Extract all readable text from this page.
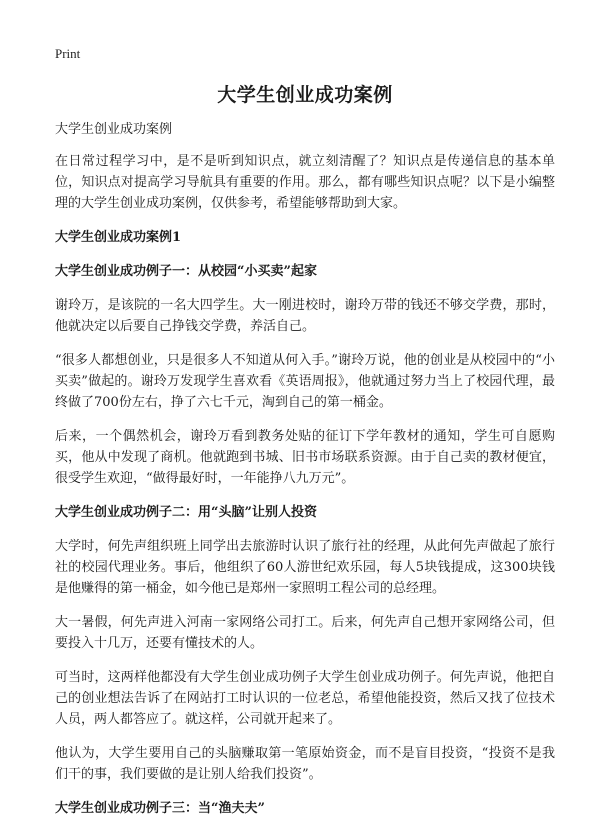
Print
大学生创业成功案例
大学生创业成功案例
在日常过程学习中，是不是听到知识点，就立刻清醒了？知识点是传递信息的基本单位，知识点对提高学习导航具有重要的作用。那么，都有哪些知识点呢？以下是小编整理的大学生创业成功案例，仅供参考，希望能够帮助到大家。
大学生创业成功案例1
大学生创业成功例子一：从校园“小买卖”起家
谢玲万，是该院的一名大四学生。大一刚进校时，谢玲万带的钱还不够交学费，那时，他就决定以后要自己挣钱交学费，养活自己。
“很多人都想创业，只是很多人不知道从何入手。”谢玲万说，他的创业是从校园中的“小买卖”做起的。谢玲万发现学生喜欢看《英语周报》，他就通过努力当上了校园代理，最终做了700份左右，挣了六七千元，淘到自己的第一桶金。
后来，一个偶然机会，谢玲万看到教务处贴的征订下学年教材的通知，学生可自愿购买，他从中发现了商机。他就跑到书城、旧书市场联系资源。由于自己卖的教材便宜，很受学生欢迎，“做得最好时，一年能挣八九万元”。
大学生创业成功例子二：用“头脑”让别人投资
大学时，何先声组织班上同学出去旅游时认识了旅行社的经理，从此何先声做起了旅行社的校园代理业务。事后，他组织了60人游世纪欢乐园，每人5块钱提成，这300块钱是他赚得的第一桶金，如今他已是郑州一家照明工程公司的总经理。
大一暑假，何先声进入河南一家网络公司打工。后来，何先声自己想开家网络公司，但要投入十几万，还要有懂技术的人。
可当时，这两样他都没有大学生创业成功例子大学生创业成功例子。何先声说，他把自己的创业想法告诉了在网站打工时认识的一位老总，希望他能投资，然后又找了位技术人员，两人都答应了。就这样，公司就开起来了。
他认为，大学生要用自己的头脑赚取第一笔原始资金，而不是盲目投资，“投资不是我们干的事，我们要做的是让别人给我们投资”。
大学生创业成功例子三：当“渔夫夫”
